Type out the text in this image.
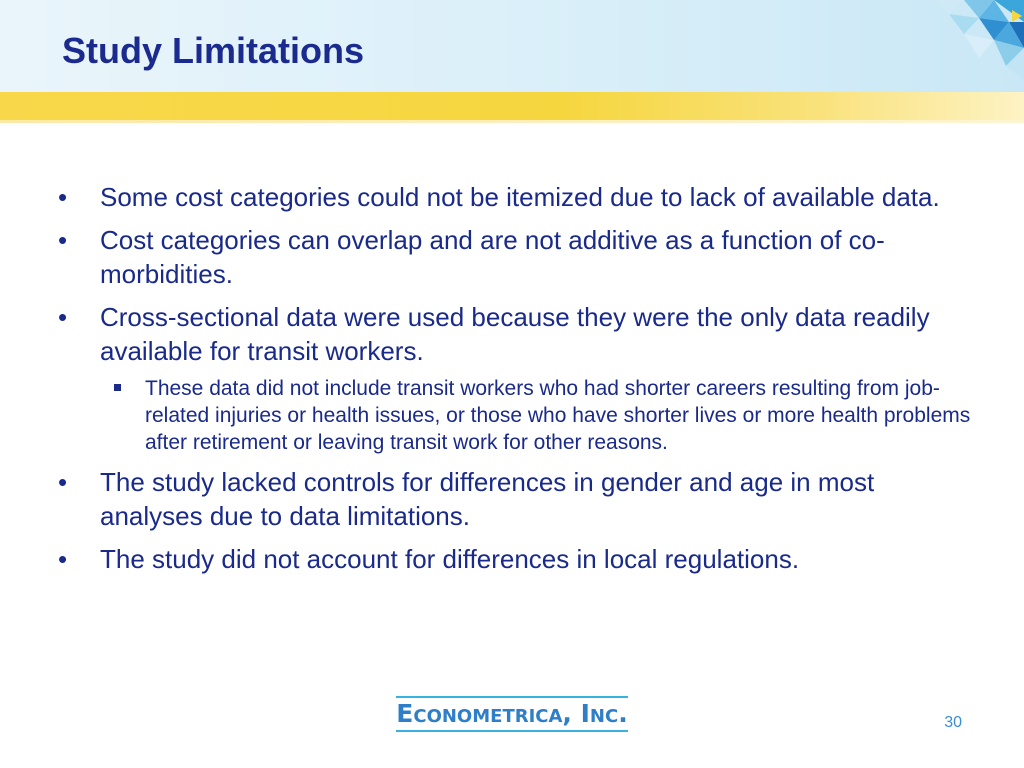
Study Limitations
• Some cost categories could not be itemized due to lack of available data.
• Cost categories can overlap and are not additive as a function of co-morbidities.
• Cross-sectional data were used because they were the only data readily available for transit workers.
These data did not include transit workers who had shorter careers resulting from job-related injuries or health issues, or those who have shorter lives or more health problems after retirement or leaving transit work for other reasons.
• The study lacked controls for differences in gender and age in most analyses due to data limitations.
• The study did not account for differences in local regulations.
Econometrica, Inc.	30
